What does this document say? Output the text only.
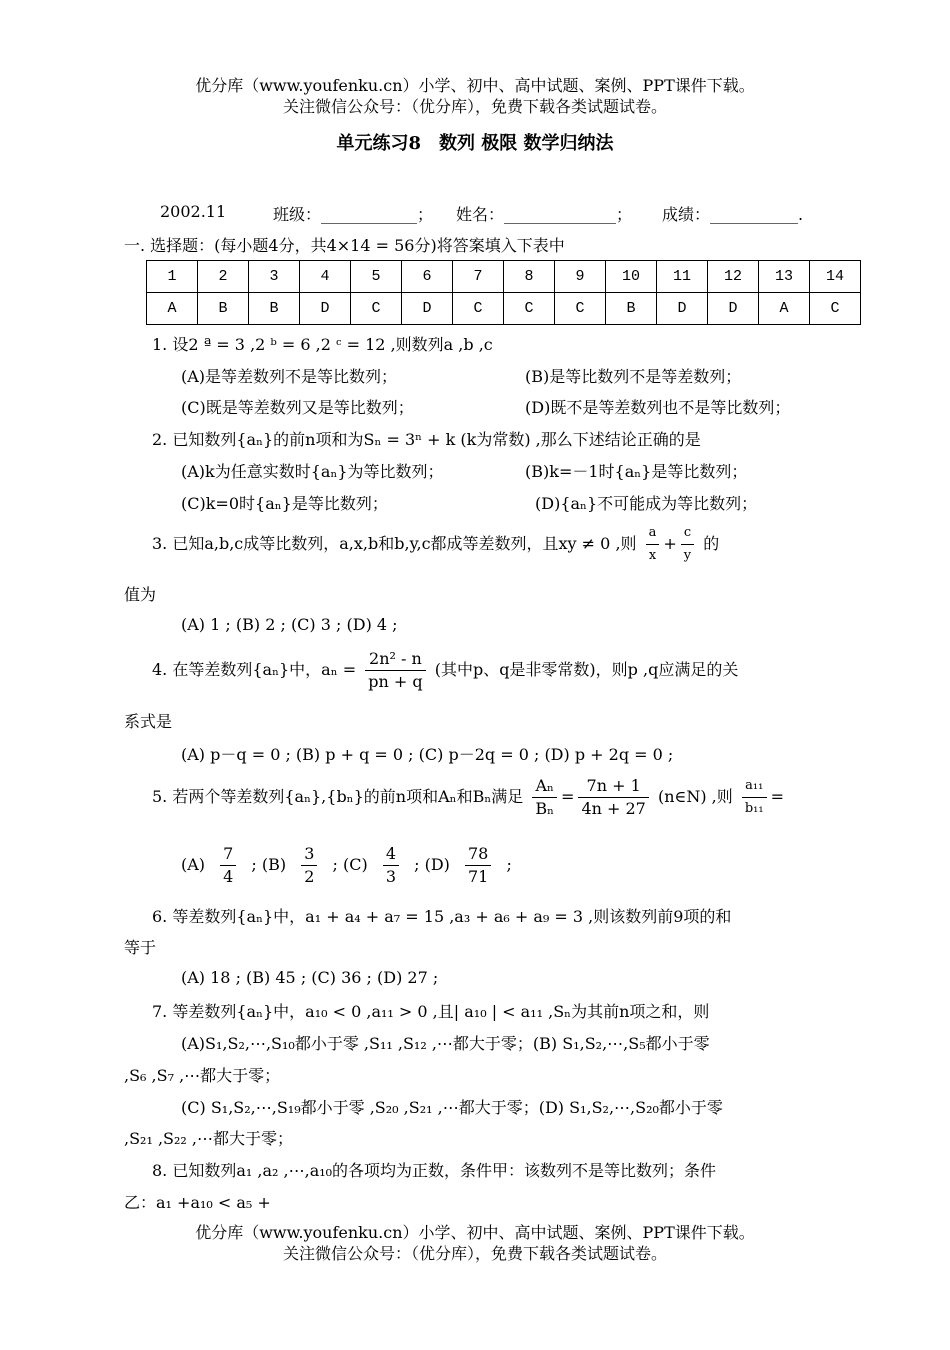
优分库（www.youfenku.cn）小学、初中、高中试题、案例、PPT课件下载。
关注微信公众号：（优分库），免费下载各类试题试卷。
单元练习8　数列 极限 数学归纳法
2002.11	班级：____________； 姓名：______________； 成绩：___________.
一. 选择题：(每小题4分，共4×14 = 56分)将答案填入下表中
1	2	3	4	5	6	7	8	9	10	11	12	13	14
A	B	B	D	C	D	C	C	C	B	D	D	A	C
1. 设2 ª = 3 ,2 ᵇ = 6 ,2 ᶜ = 12 ,则数列a ,b ,c
(A)是等差数列不是等比数列；	(B)是等比数列不是等差数列；
(C)既是等差数列又是等比数列；	(D)既不是等差数列也不是等比数列；
2. 已知数列{aₙ}的前n项和为Sₙ = 3ⁿ + k (k为常数) ,那么下述结论正确的是
(A)k为任意实数时{aₙ}为等比数列；	(B)k=－1时{aₙ}是等比数列；
(C)k=0时{aₙ}是等比数列；	(D){aₙ}不可能成为等比数列；
3. 已知a,b,c成等比数列，a,x,b和b,y,c都成等差数列，且xy ≠ 0 ,则 $\frac{a}{x} + \frac{c}{y}$ 的
值为
(A) 1 ; (B) 2 ; (C) 3 ; (D) 4 ;
4. 在等差数列{aₙ}中，$a_n = \frac{\text{2n² - n}}{pn + q}$ (其中p、q是非零常数)，则p ,q应满足的关
系式是
(A) p－q = 0 ; (B) p + q = 0 ; (C) p－2q = 0 ; (D) p + 2q = 0 ;
5. 若两个等差数列{aₙ},{bₙ}的前n项和Aₙ和Bₙ满足 $\frac{\text{Aₙ}}{\text{Bₙ}} = \frac{7n + 1}{4n + 27}$ (n∈N) ,则 $\frac{\text{a₁₁}}{\text{b₁₁}}$ =
$(A) \frac{7}{4}$ ; $(B) \frac{3}{2}$ ; $(C) \frac{4}{3}$ ; $(D) \frac{78}{71}$ ;
6. 等差数列{aₙ}中，a₁ + a₄ + a₇ = 15 ,a₃ + a₆ + a₉ = 3 ,则该数列前9项的和
等于
(A) 18 ; (B) 45 ; (C) 36 ; (D) 27 ;
7. 等差数列{aₙ}中，a₁₀ < 0 ,a₁₁ > 0 ,且| a₁₀ | < a₁₁ ,Sₙ为其前n项之和，则
(A)S₁,S₂,⋯,S₁₀都小于零 ,S₁₁ ,S₁₂ ,⋯都大于零；(B) S₁,S₂,⋯,S₅都小于零
,S₆ ,S₇ ,⋯都大于零；
(C) S₁,S₂,⋯,S₁₉都小于零 ,S₂₀ ,S₂₁ ,⋯都大于零；(D) S₁,S₂,⋯,S₂₀都小于零
,S₂₁ ,S₂₂ ,⋯都大于零；
8. 已知数列a₁ ,a₂ ,⋯,a₁₀的各项均为正数，条件甲：该数列不是等比数列；条件
乙：a₁ +a₁₀ < a₅ +
优分库（www.youfenku.cn）小学、初中、高中试题、案例、PPT课件下载。
关注微信公众号：（优分库），免费下载各类试题试卷。
